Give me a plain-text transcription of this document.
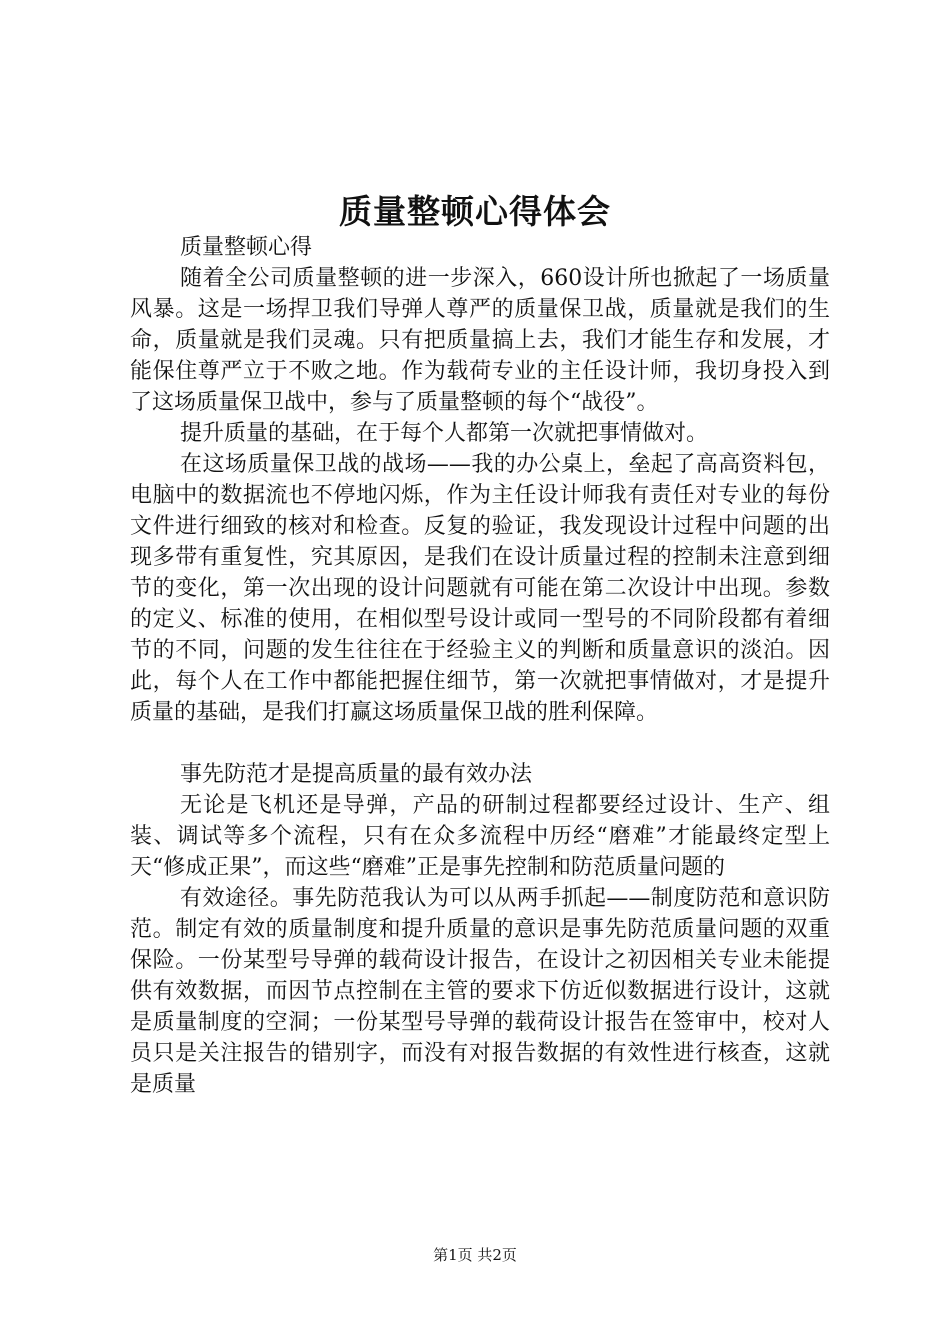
质量整顿心得体会

质量整顿心得

随着全公司质量整顿的进一步深入，660设计所也掀起了一场质量风暴。这是一场捍卫我们导弹人尊严的质量保卫战，质量就是我们的生命，质量就是我们灵魂。只有把质量搞上去，我们才能生存和发展，才能保住尊严立于不败之地。作为载荷专业的主任设计师，我切身投入到了这场质量保卫战中，参与了质量整顿的每个“战役”。

提升质量的基础，在于每个人都第一次就把事情做对。

在这场质量保卫战的战场——我的办公桌上，垒起了高高资料包，电脑中的数据流也不停地闪烁，作为主任设计师我有责任对专业的每份文件进行细致的核对和检查。反复的验证，我发现设计过程中问题的出现多带有重复性，究其原因，是我们在设计质量过程的控制未注意到细节的变化，第一次出现的设计问题就有可能在第二次设计中出现。参数的定义、标准的使用，在相似型号设计或同一型号的不同阶段都有着细节的不同，问题的发生往往在于经验主义的判断和质量意识的淡泊。因此，每个人在工作中都能把握住细节，第一次就把事情做对，才是提升质量的基础，是我们打赢这场质量保卫战的胜利保障。

事先防范才是提高质量的最有效办法

无论是飞机还是导弹，产品的研制过程都要经过设计、生产、组装、调试等多个流程，只有在众多流程中历经“磨难”才能最终定型上天“修成正果”，而这些“磨难”正是事先控制和防范质量问题的

有效途径。事先防范我认为可以从两手抓起——制度防范和意识防范。制定有效的质量制度和提升质量的意识是事先防范质量问题的双重保险。一份某型号导弹的载荷设计报告，在设计之初因相关专业未能提供有效数据，而因节点控制在主管的要求下仿近似数据进行设计，这就是质量制度的空洞；一份某型号导弹的载荷设计报告在签审中，校对人员只是关注报告的错别字，而没有对报告数据的有效性进行核查，这就是质量

第1页 共2页
